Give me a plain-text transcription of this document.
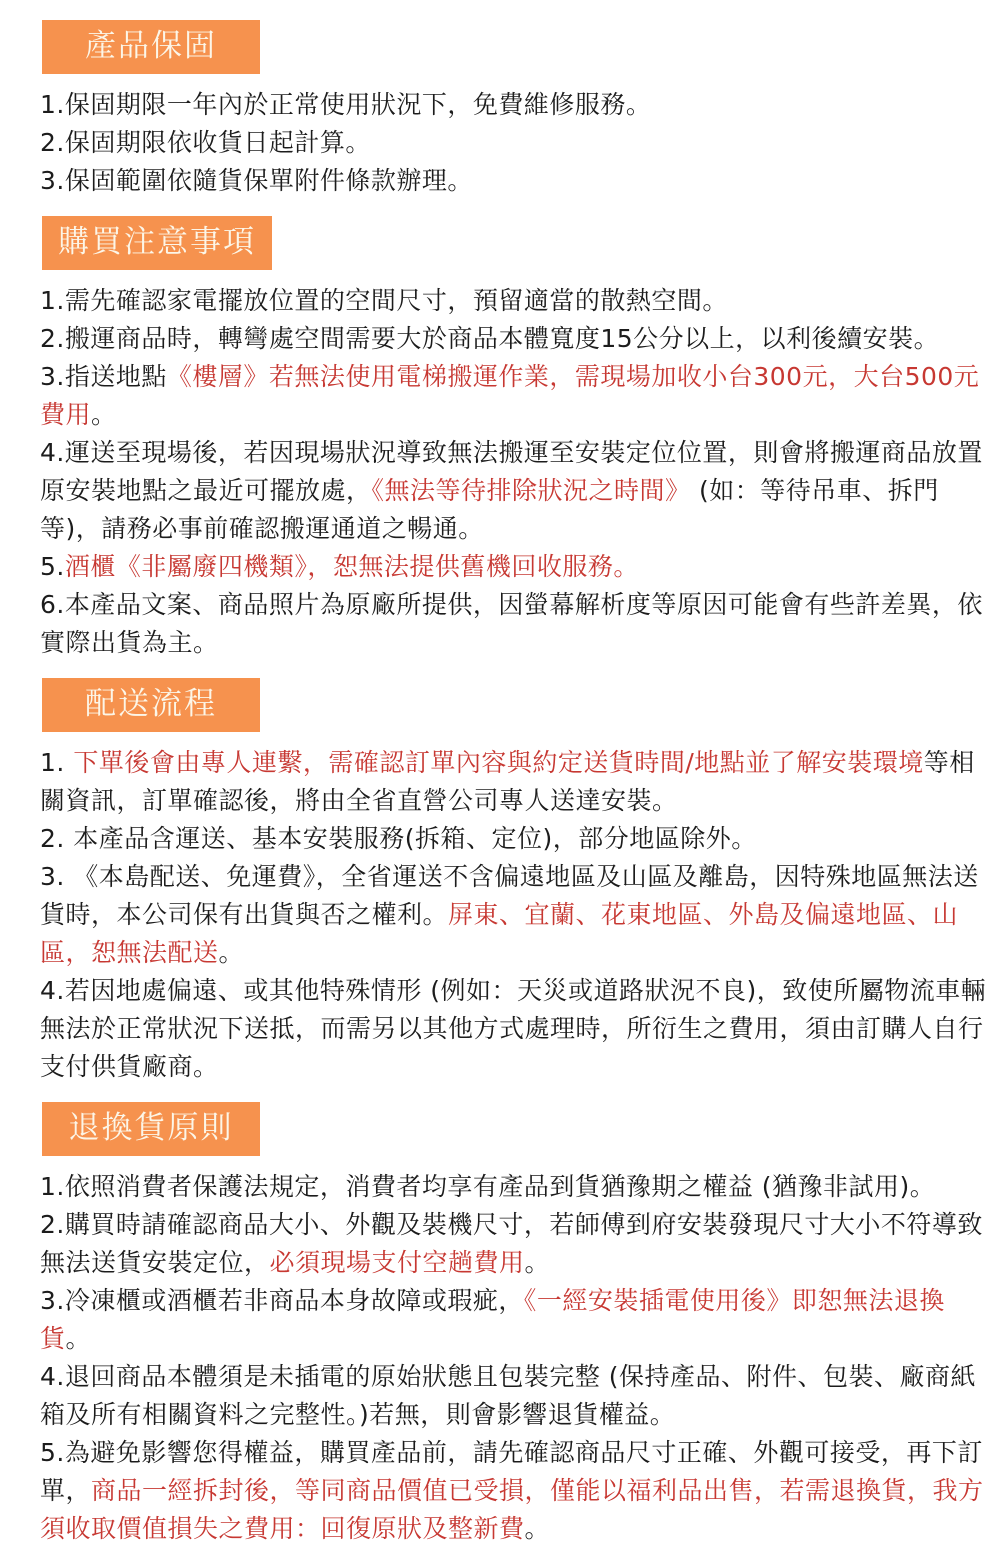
產品保固

1.保固期限一年內於正常使用狀況下，免費維修服務。

2.保固期限依收貨日起計算。

3.保固範圍依隨貨保單附件條款辦理。

購買注意事項

1.需先確認家電擺放位置的空間尺寸，預留適當的散熱空間。

2.搬運商品時，轉彎處空間需要大於商品本體寬度15公分以上，以利後續安裝。

3.指送地點《樓層》若無法使用電梯搬運作業，需現場加收小台300元，大台500元費用。

4.運送至現場後，若因現場狀況導致無法搬運至安裝定位位置，則會將搬運商品放置原安裝地點之最近可擺放處，《無法等待排除狀況之時間》 (如：等待吊車、拆門等)，請務必事前確認搬運通道之暢通。

5.酒櫃《非屬廢四機類》，恕無法提供舊機回收服務。

6.本產品文案、商品照片為原廠所提供，因螢幕解析度等原因可能會有些許差異，依實際出貨為主。

配送流程

1. 下單後會由專人連繫，需確認訂單內容與約定送貨時間/地點並了解安裝環境等相關資訊，訂單確認後，將由全省直營公司專人送達安裝。

2. 本產品含運送、基本安裝服務(拆箱、定位)，部分地區除外。

3. 《本島配送、免運費》，全省運送不含偏遠地區及山區及離島，因特殊地區無法送貨時，本公司保有出貨與否之權利。屏東、宜蘭、花東地區、外島及偏遠地區、山區，恕無法配送。

4.若因地處偏遠、或其他特殊情形 (例如：天災或道路狀況不良)，致使所屬物流車輛無法於正常狀況下送抵，而需另以其他方式處理時，所衍生之費用，須由訂購人自行支付供貨廠商。

退換貨原則

1.依照消費者保護法規定，消費者均享有產品到貨猶豫期之權益 (猶豫非試用)。

2.購買時請確認商品大小、外觀及裝機尺寸，若師傅到府安裝發現尺寸大小不符導致無法送貨安裝定位，必須現場支付空趟費用。

3.冷凍櫃或酒櫃若非商品本身故障或瑕疵，《一經安裝插電使用後》即恕無法退換貨。

4.退回商品本體須是未插電的原始狀態且包裝完整 (保持產品、附件、包裝、廠商紙箱及所有相關資料之完整性。)若無，則會影響退貨權益。

5.為避免影響您得權益，購買產品前，請先確認商品尺寸正確、外觀可接受，再下訂單，商品一經拆封後，等同商品價值已受損，僅能以福利品出售，若需退換貨，我方須收取價值損失之費用：回復原狀及整新費。
